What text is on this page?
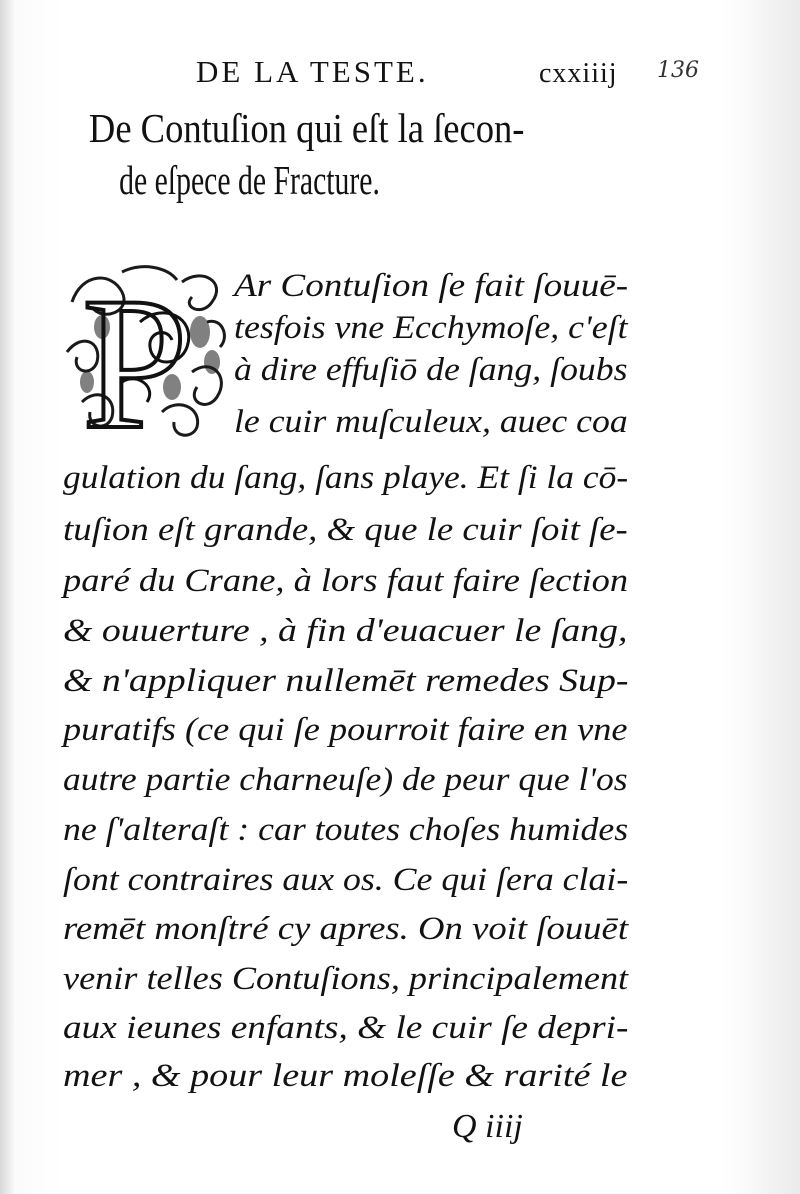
DE LA TESTE.	cxxiiij 136
De Contuſion qui eſt la ſecon-
de eſpece de Fracture.
P Ar Contuſion ſe fait ſouuē-
tesfois vne Ecchymoſe, c'eſt
à dire effuſiō de ſang, ſoubs
le cuir muſculeux, auec coa
gulation du ſang, ſans playe. Et ſi la cō-
tuſion eſt grande, & que le cuir ſoit ſe-
paré du Crane, à lors faut faire ſection
& ouuerture , à fin d'euacuer le ſang,
& n'appliquer nullemēt remedes Sup-
puratifs (ce qui ſe pourroit faire en vne
autre partie charneuſe) de peur que l'os
ne ſ'alteraſt : car toutes choſes humides
ſont contraires aux os. Ce qui ſera clai-
remēt monſtré cy apres. On voit ſouuēt
venir telles Contuſions, principalement
aux ieunes enfants, & le cuir ſe depri-
mer , & pour leur moleſſe & rarité le
Q iiij
